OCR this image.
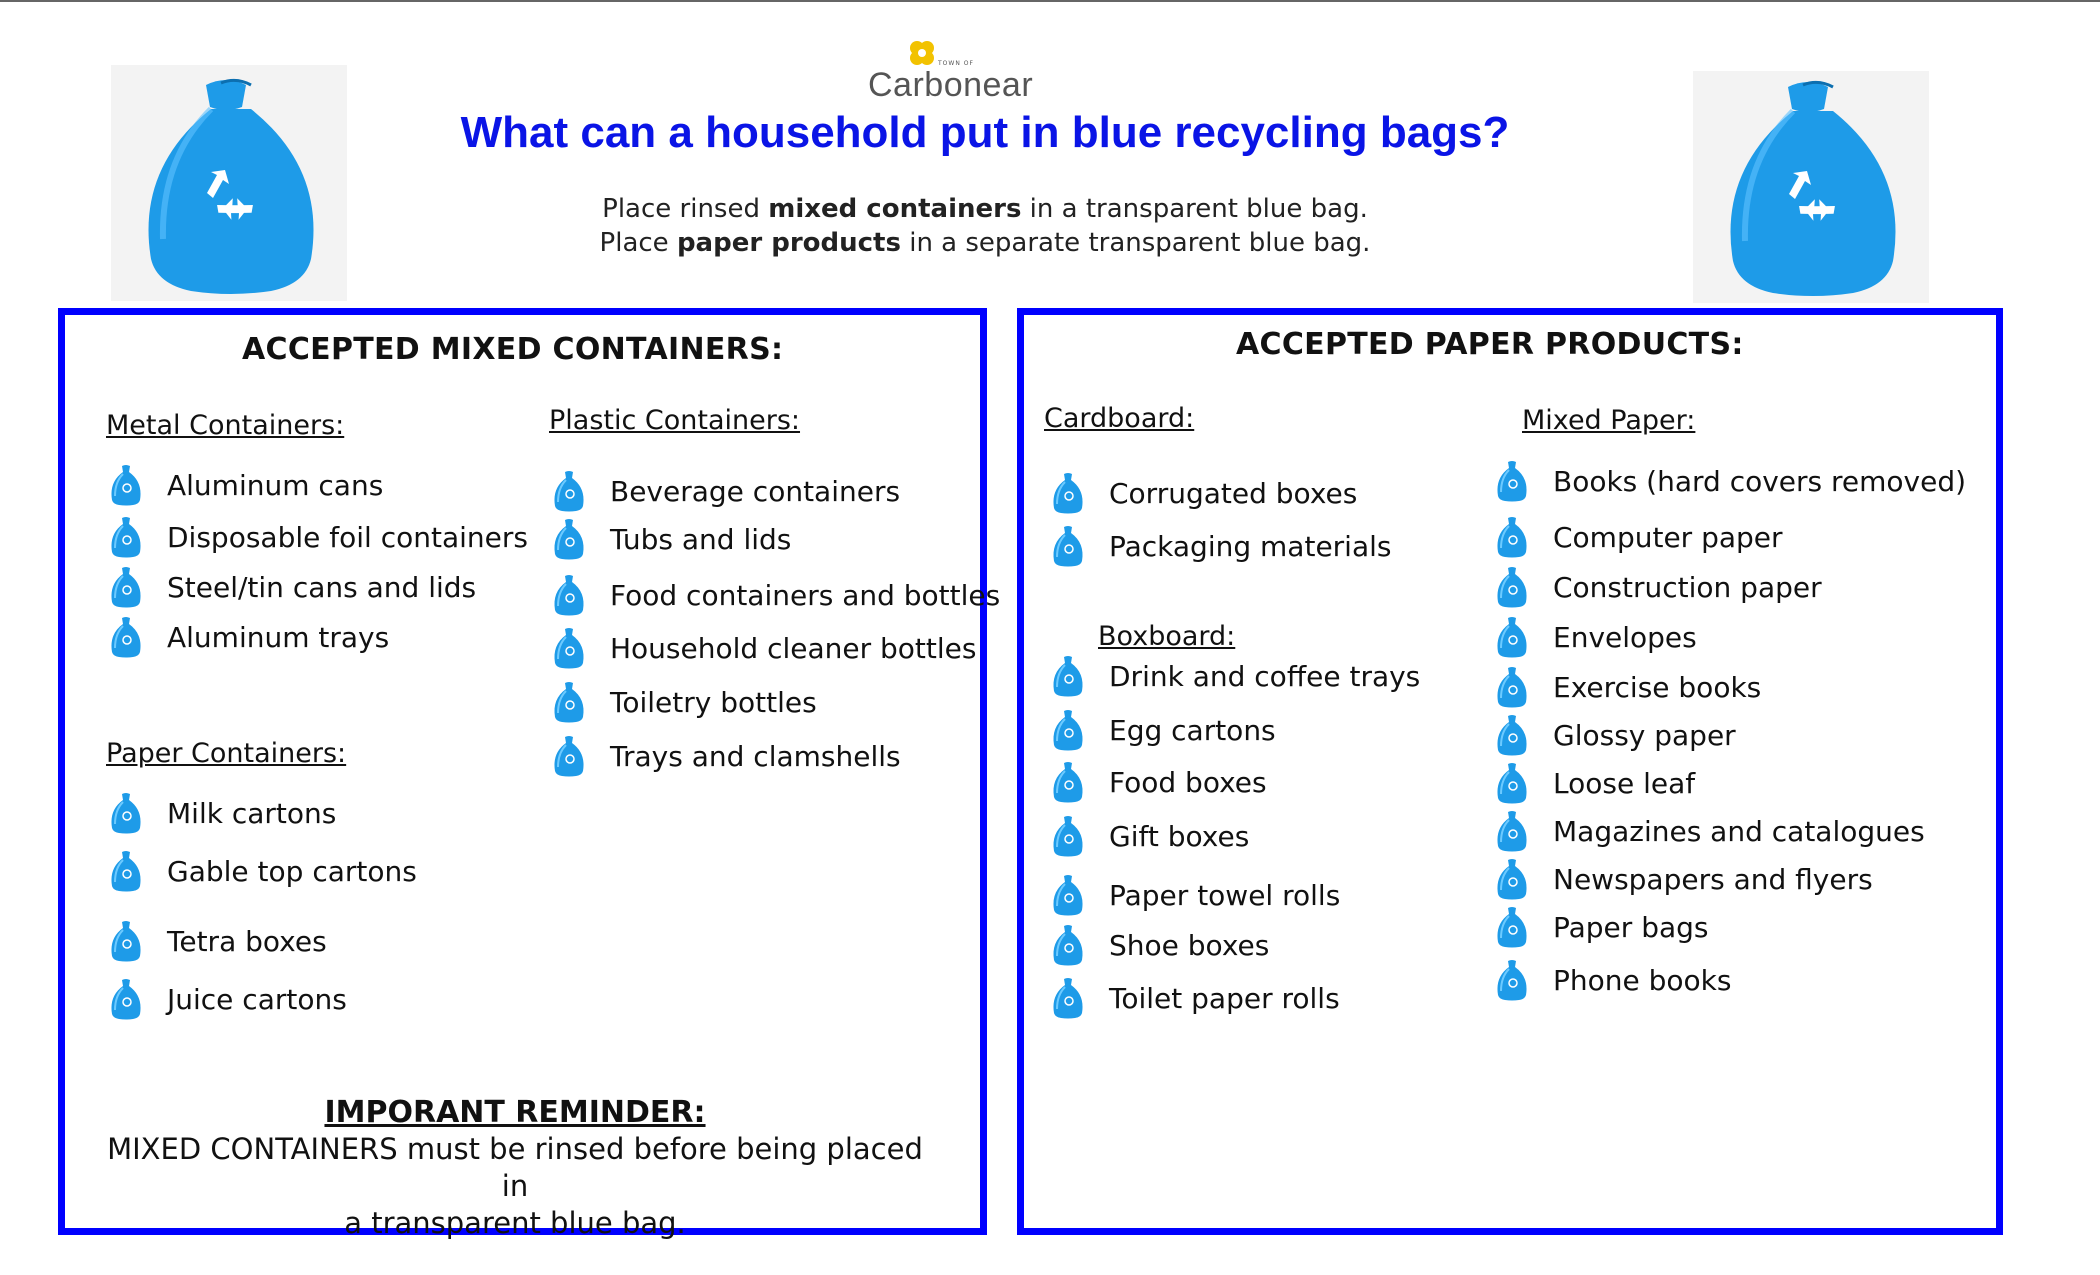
TOWN OF
Carbonear
What can a household put in blue recycling bags?
Place rinsed mixed containers in a transparent blue bag.
Place paper products in a separate transparent blue bag.
ACCEPTED MIXED CONTAINERS:
Metal Containers:
Aluminum cans
Disposable foil containers
Steel/tin cans and lids
Aluminum trays
Paper Containers:
Milk cartons
Gable top cartons
Tetra boxes
Juice cartons
Plastic Containers:
Beverage containers
Tubs and lids
Food containers and bottles
Household cleaner bottles
Toiletry bottles
Trays and clamshells
IMPORANT REMINDER:
MIXED CONTAINERS must be rinsed before being placed in
a transparent blue bag.
ACCEPTED PAPER PRODUCTS:
Cardboard:
Corrugated boxes
Packaging materials
Boxboard:
Drink and coffee trays
Egg cartons
Food boxes
Gift boxes
Paper towel rolls
Shoe boxes
Toilet paper rolls
Mixed Paper:
Books (hard covers removed)
Computer paper
Construction paper
Envelopes
Exercise books
Glossy paper
Loose leaf
Magazines and catalogues
Newspapers and flyers
Paper bags
Phone books
